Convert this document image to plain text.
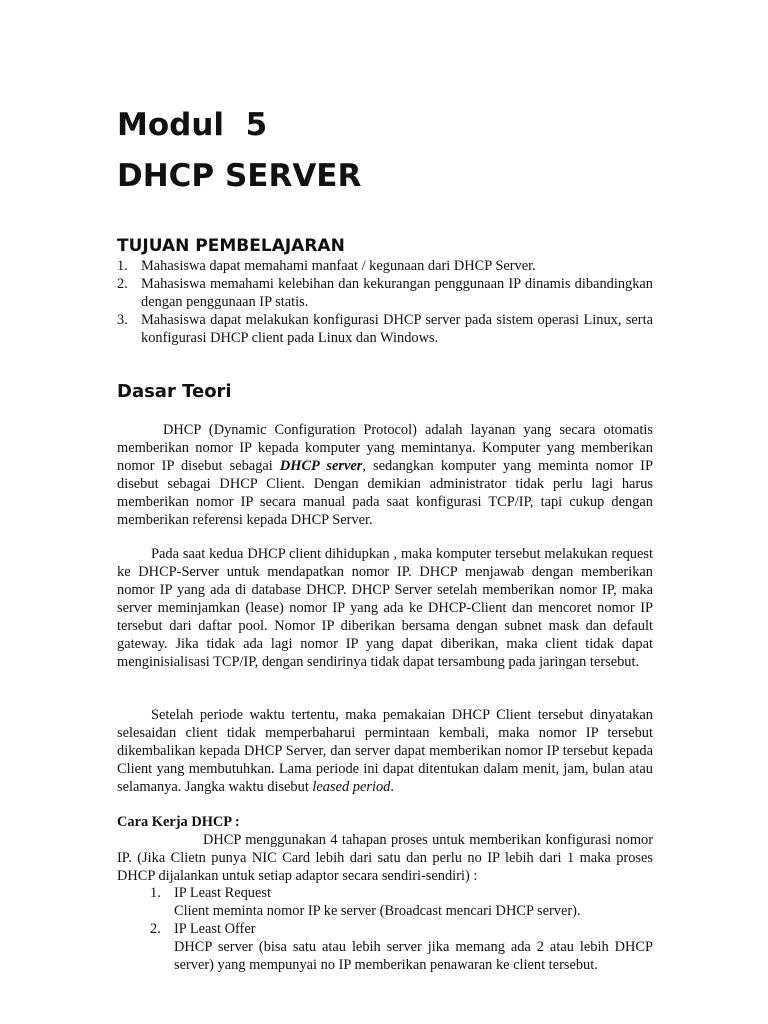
Modul  5
DHCP SERVER
TUJUAN PEMBELAJARAN
1. Mahasiswa dapat memahami manfaat / kegunaan dari DHCP Server.
2. Mahasiswa memahami kelebihan dan kekurangan penggunaan IP dinamis dibandingkan dengan penggunaan IP statis.
3. Mahasiswa dapat melakukan konfigurasi DHCP server pada sistem operasi Linux, serta konfigurasi DHCP client pada Linux dan Windows.
Dasar Teori

DHCP (Dynamic Configuration Protocol) adalah layanan yang secara otomatis memberikan nomor IP kepada komputer yang memintanya. Komputer yang memberikan nomor IP disebut sebagai DHCP server, sedangkan komputer yang meminta nomor IP disebut sebagai DHCP Client. Dengan demikian administrator tidak perlu lagi harus memberikan nomor IP secara manual pada saat konfigurasi TCP/IP, tapi cukup dengan memberikan referensi kepada DHCP Server.

Pada saat kedua DHCP client dihidupkan , maka komputer tersebut melakukan request ke DHCP-Server untuk mendapatkan nomor IP. DHCP menjawab dengan memberikan nomor IP yang ada di database DHCP. DHCP Server setelah memberikan nomor IP, maka server meminjamkan (lease) nomor IP yang ada ke DHCP-Client dan mencoret nomor IP tersebut dari daftar pool. Nomor IP diberikan bersama dengan subnet mask dan default gateway. Jika tidak ada lagi nomor IP yang dapat diberikan, maka client tidak dapat menginisialisasi TCP/IP, dengan sendirinya tidak dapat tersambung pada jaringan tersebut.

Setelah periode waktu tertentu, maka pemakaian DHCP Client tersebut dinyatakan selesaidan client tidak memperbaharui permintaan kembali, maka nomor IP tersebut dikembalikan kepada DHCP Server, dan server dapat memberikan nomor IP tersebut kepada Client yang membutuhkan. Lama periode ini dapat ditentukan dalam menit, jam, bulan atau selamanya. Jangka waktu disebut leased period.

Cara Kerja DHCP :

DHCP menggunakan 4 tahapan proses untuk memberikan konfigurasi nomor IP. (Jika Clietn punya NIC Card lebih dari satu dan perlu no IP lebih dari 1 maka proses DHCP dijalankan untuk setiap adaptor secara sendiri-sendiri) :

1. IP Least Request
Client meminta nomor IP ke server (Broadcast mencari DHCP server).
2. IP Least Offer
DHCP server (bisa satu atau lebih server jika memang ada 2 atau lebih DHCP server) yang mempunyai no IP memberikan penawaran ke client tersebut.
